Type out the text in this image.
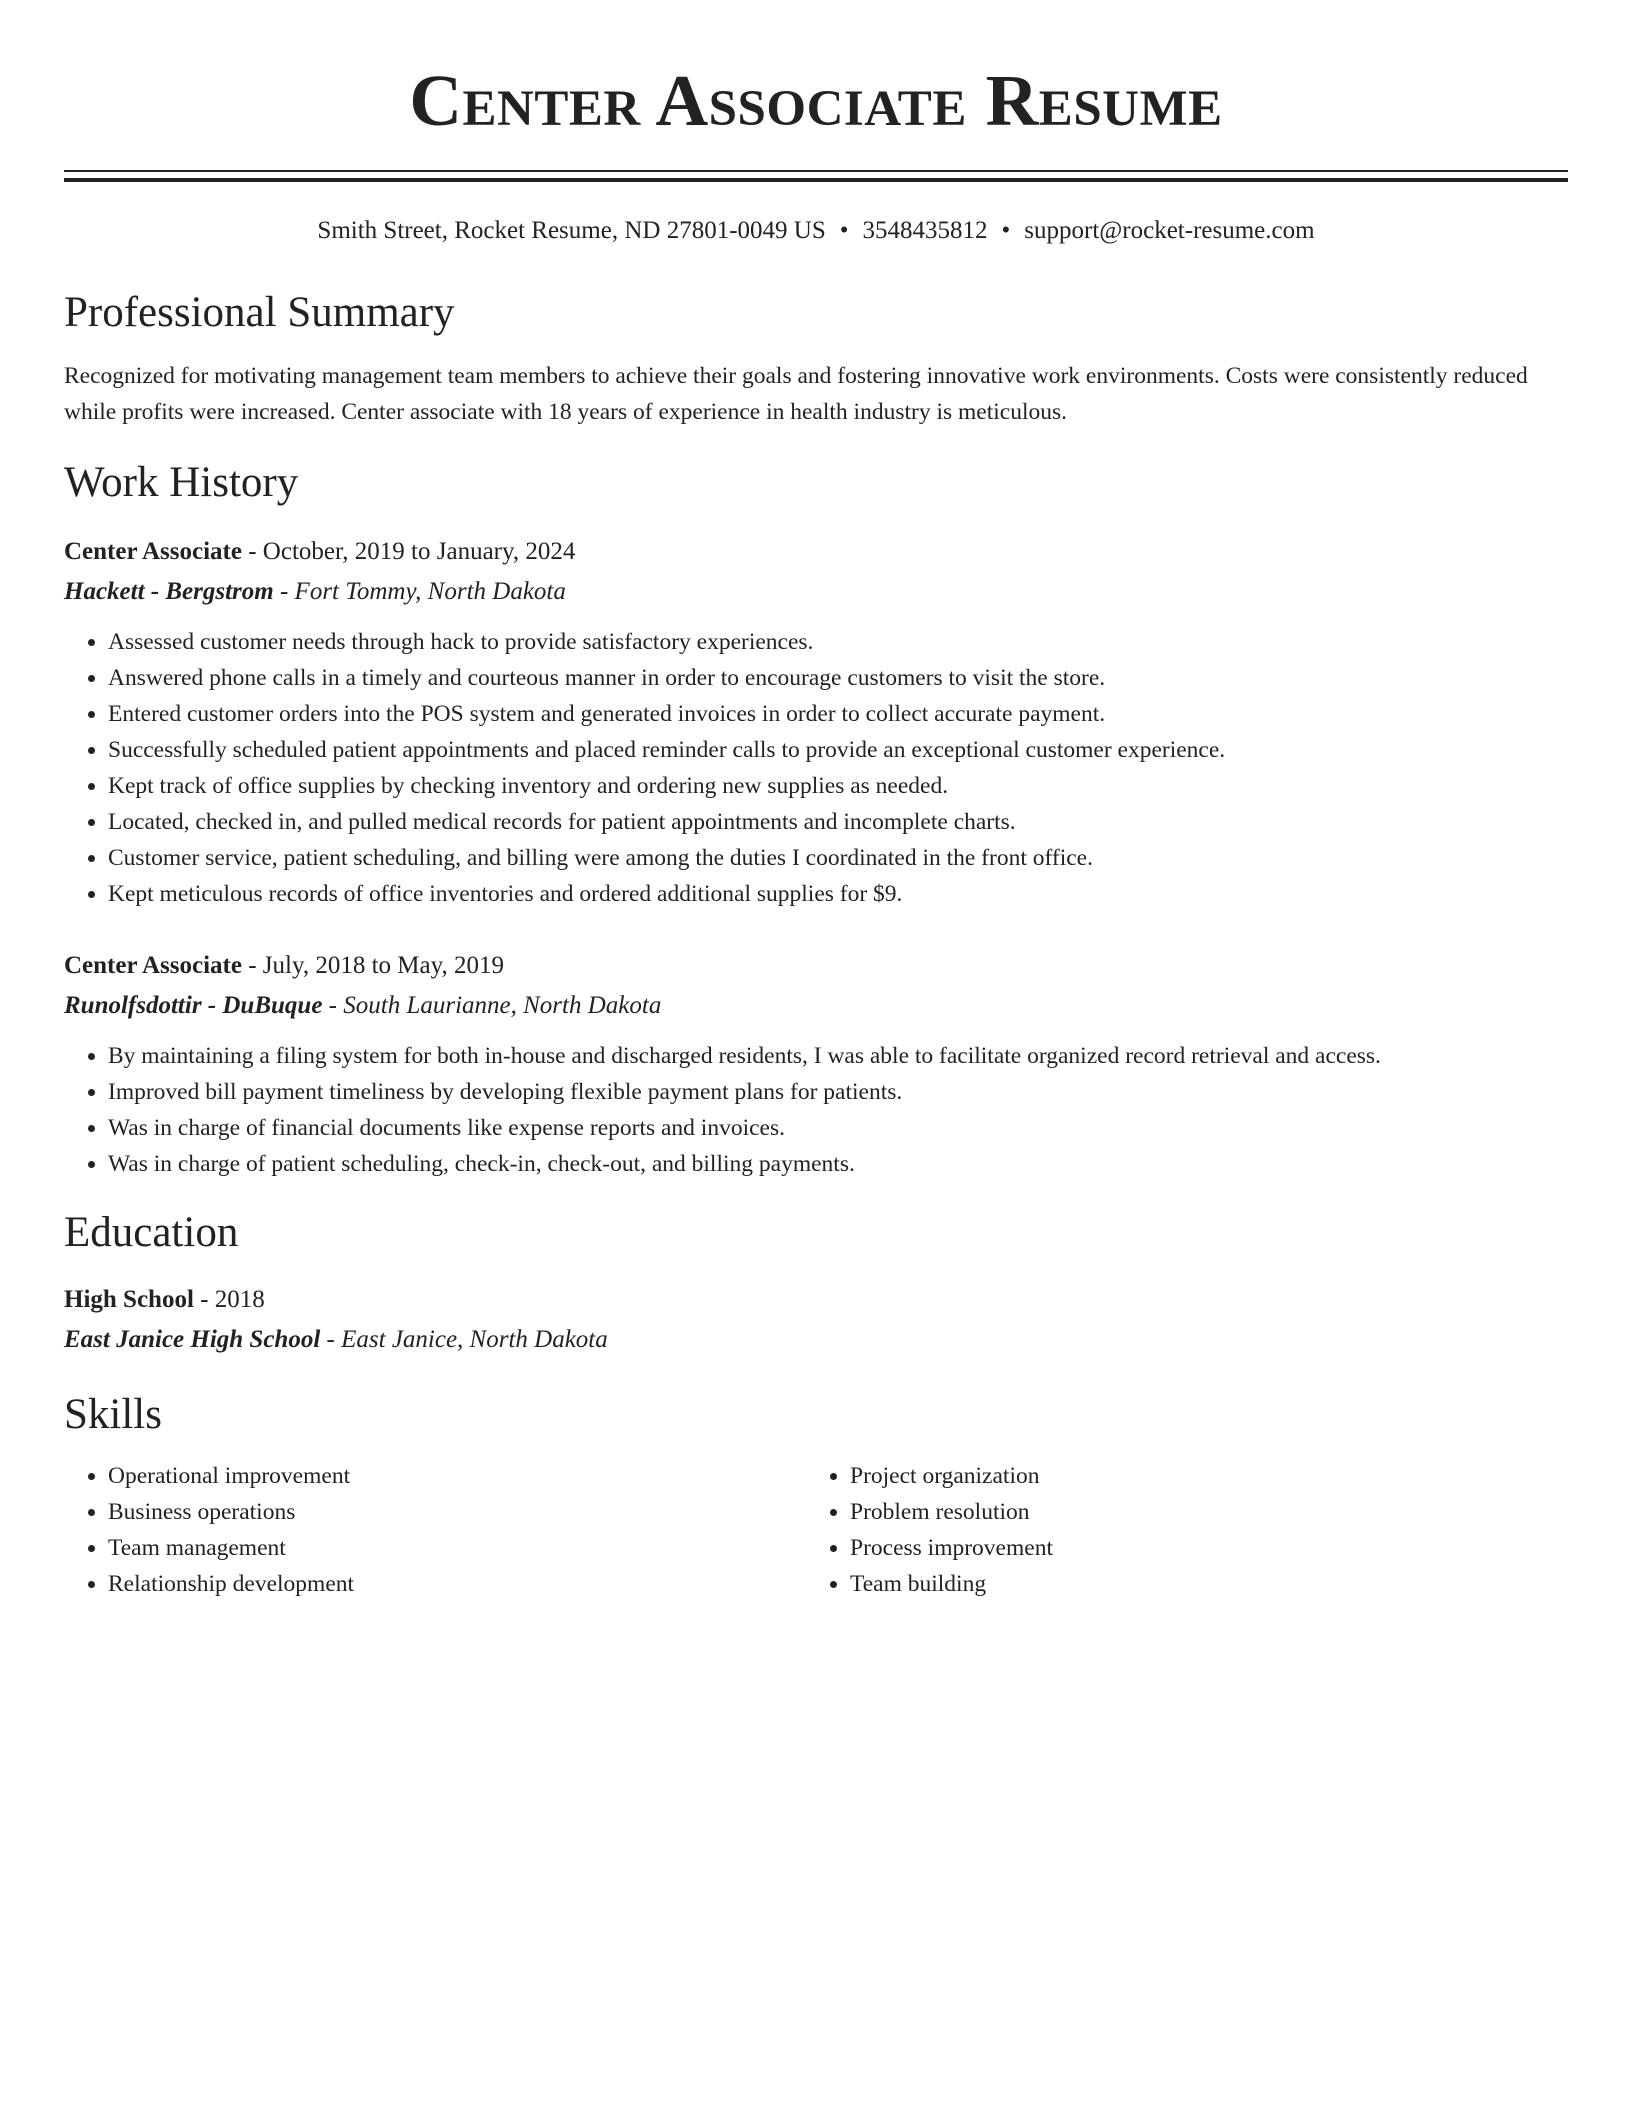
Center Associate Resume
Smith Street, Rocket Resume, ND 27801-0049 US • 3548435812 • support@rocket-resume.com
Professional Summary
Recognized for motivating management team members to achieve their goals and fostering innovative work environments. Costs were consistently reduced while profits were increased. Center associate with 18 years of experience in health industry is meticulous.
Work History
Center Associate - October, 2019 to January, 2024
Hackett - Bergstrom - Fort Tommy, North Dakota
• Assessed customer needs through hack to provide satisfactory experiences.
• Answered phone calls in a timely and courteous manner in order to encourage customers to visit the store.
• Entered customer orders into the POS system and generated invoices in order to collect accurate payment.
• Successfully scheduled patient appointments and placed reminder calls to provide an exceptional customer experience.
• Kept track of office supplies by checking inventory and ordering new supplies as needed.
• Located, checked in, and pulled medical records for patient appointments and incomplete charts.
• Customer service, patient scheduling, and billing were among the duties I coordinated in the front office.
• Kept meticulous records of office inventories and ordered additional supplies for $9.
Center Associate - July, 2018 to May, 2019
Runolfsdottir - DuBuque - South Laurianne, North Dakota
• By maintaining a filing system for both in-house and discharged residents, I was able to facilitate organized record retrieval and access.
• Improved bill payment timeliness by developing flexible payment plans for patients.
• Was in charge of financial documents like expense reports and invoices.
• Was in charge of patient scheduling, check-in, check-out, and billing payments.
Education
High School - 2018
East Janice High School - East Janice, North Dakota
Skills
• Operational improvement
• Business operations
• Team management
• Relationship development
• Project organization
• Problem resolution
• Process improvement
• Team building
